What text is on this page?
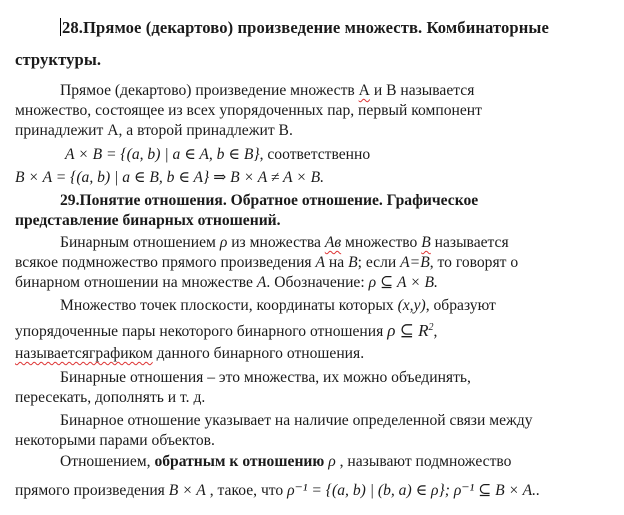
28.Прямое (декартово) произведение множеств. Комбинаторные
структуры.
Прямое (декартово) произведение множеств А и В называется
множество, состоящее из всех упорядоченных пар, первый компонент
принадлежит А, а второй принадлежит В.
A × B = {(a, b) | a ∈ A, b ∈ B}, соответственно
B × A = {(a, b) | a ∈ B, b ∈ A} ⇒ B × A ≠ A × B.
29.Понятие отношения. Обратное отношение. Графическое
представление бинарных отношений.
Бинарным отношением ρ из множества Ав множество В называется
всякое подмножество прямого произведения А на В; если А=В, то говорят о
бинарном отношении на множестве А. Обозначение: ρ ⊆ A × B.
Множество точек плоскости, координаты которых (x,y), образуют
упорядоченные пары некоторого бинарного отношения ρ ⊆ $R^2$,
называетсяграфиком данного бинарного отношения.
Бинарные отношения – это множества, их можно объединять,
пересекать, дополнять и т. д.
Бинарное отношение указывает на наличие определенной связи между
некоторыми парами объектов.
Отношением, обратным к отношению ρ , называют подмножество
прямого произведения B × A , такое, что ρ⁻¹ = {(a, b) | (b, a) ∈ ρ}; ρ⁻¹ ⊆ B × A..
